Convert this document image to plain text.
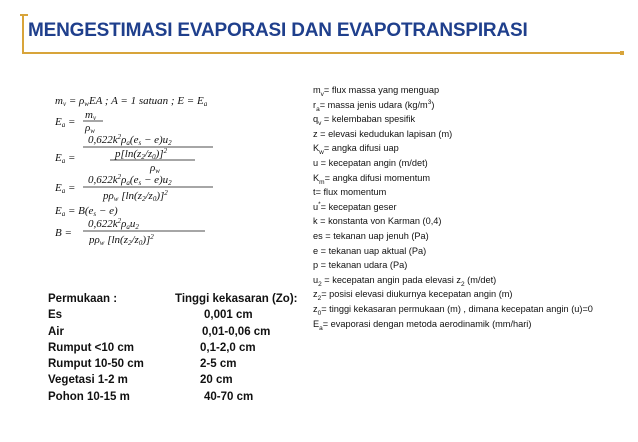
MENGESTIMASI EVAPORASI DAN EVAPOTRANSPIRASI
mv = ρwEA ; A = 1 satuan ; E = Ea
Ea =
mv
ρw
$0,622k^2\rho a(es - e)u2$
Ea =	$p[\ln(z2/z0)]^2$
ρw
$0,622k^2\rho a(es - e)u2$
Ea =
pρw $[\ln(z2/z0)]^2$
Ea = B(es − e)
$0,622k^2\rho au2$
B =
pρw $[\ln(z2/z0)]^2$
$m_v=$ flux massa yang menguap
$r_a=$ massa jenis udara $(kg/m^3)$
$q_v$ = kelembaban spesifik
z = elevasi kedudukan lapisan (m)
$K_w=$ angka difusi uap
u = kecepatan angin (m/det)
$K_m=$ angka difusi momentum
t= flux momentum
u*= kecepatan geser
k = konstanta von Karman (0,4)
es = tekanan uap jenuh (Pa)
e = tekanan uap aktual (Pa)
p = tekanan udara (Pa)
$u_2$ = kecepatan angin pada elevasi $z_2$ (m/det)
$z_2=$ posisi elevasi diukurnya kecepatan angin (m)
$z_0=$ tinggi kekasaran permukaan (m) , dimana kecepatan angin (u)=0
$E_a=$ evaporasi dengan metoda aerodinamik (mm/hari)
Permukaan :	Tinggi kekasaran (Zo):
Es	0,001 cm
Air	0,01-0,06 cm
Rumput <10 cm	0,1-2,0 cm
Rumput 10-50 cm	2-5 cm
Vegetasi 1-2 m	20 cm
Pohon 10-15 m	40-70 cm
